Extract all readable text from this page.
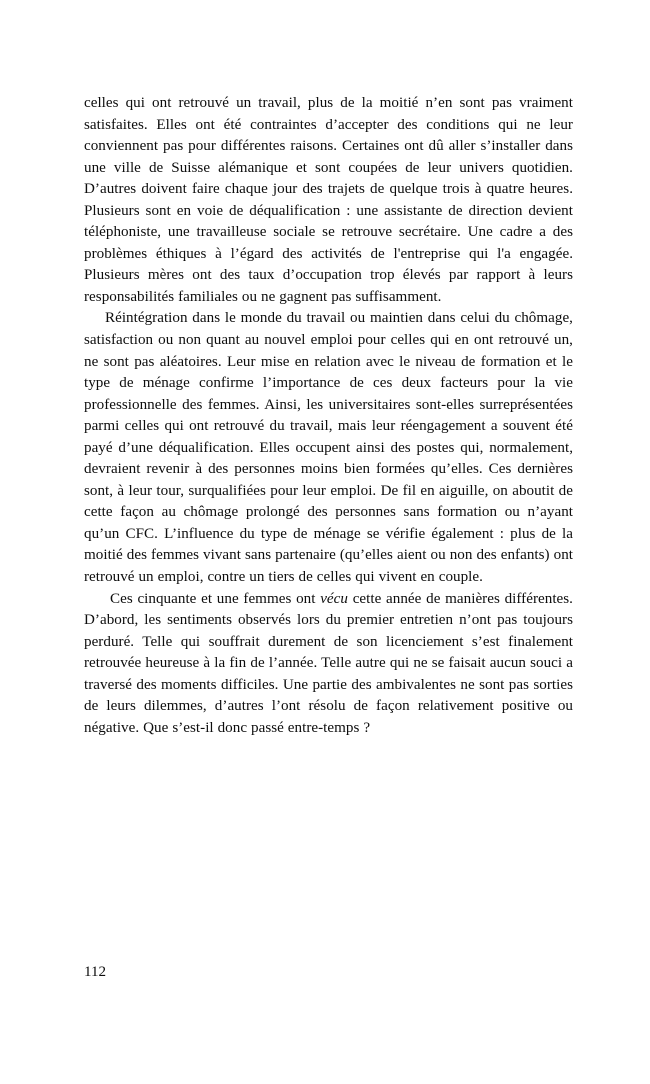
celles qui ont retrouvé un travail, plus de la moitié n’en sont pas vraiment satisfaites. Elles ont été contraintes d’accepter des conditions qui ne leur conviennent pas pour différentes raisons. Certaines ont dû aller s’installer dans une ville de Suisse alémanique et sont coupées de leur univers quotidien. D’autres doivent faire chaque jour des trajets de quelque trois à quatre heures. Plusieurs sont en voie de déqualification : une assistante de direction devient téléphoniste, une travailleuse sociale se retrouve secrétaire. Une cadre a des problèmes éthiques à l’égard des activités de l'entreprise qui l'a engagée. Plusieurs mères ont des taux d’occupation trop élevés par rapport à leurs responsabilités familiales ou ne gagnent pas suffisamment.

Réintégration dans le monde du travail ou maintien dans celui du chômage, satisfaction ou non quant au nouvel emploi pour celles qui en ont retrouvé un, ne sont pas aléatoires. Leur mise en relation avec le niveau de formation et le type de ménage confirme l’importance de ces deux facteurs pour la vie professionnelle des femmes. Ainsi, les universitaires sont-elles surreprésentées parmi celles qui ont retrouvé du travail, mais leur réengagement a souvent été payé d’une déqualification. Elles occupent ainsi des postes qui, normalement, devraient revenir à des personnes moins bien formées qu’elles. Ces dernières sont, à leur tour, surqualifiées pour leur emploi. De fil en aiguille, on aboutit de cette façon au chômage prolongé des personnes sans formation ou n’ayant qu’un CFC. L’influence du type de ménage se vérifie également : plus de la moitié des femmes vivant sans partenaire (qu’elles aient ou non des enfants) ont retrouvé un emploi, contre un tiers de celles qui vivent en couple.

Ces cinquante et une femmes ont vécu cette année de manières différentes. D’abord, les sentiments observés lors du premier entretien n’ont pas toujours perduré. Telle qui souffrait durement de son licenciement s’est finalement retrouvée heureuse à la fin de l’année. Telle autre qui ne se faisait aucun souci a traversé des moments difficiles. Une partie des ambivalentes ne sont pas sorties de leurs dilemmes, d’autres l’ont résolu de façon relativement positive ou négative. Que s’est-il donc passé entre-temps ?

112
